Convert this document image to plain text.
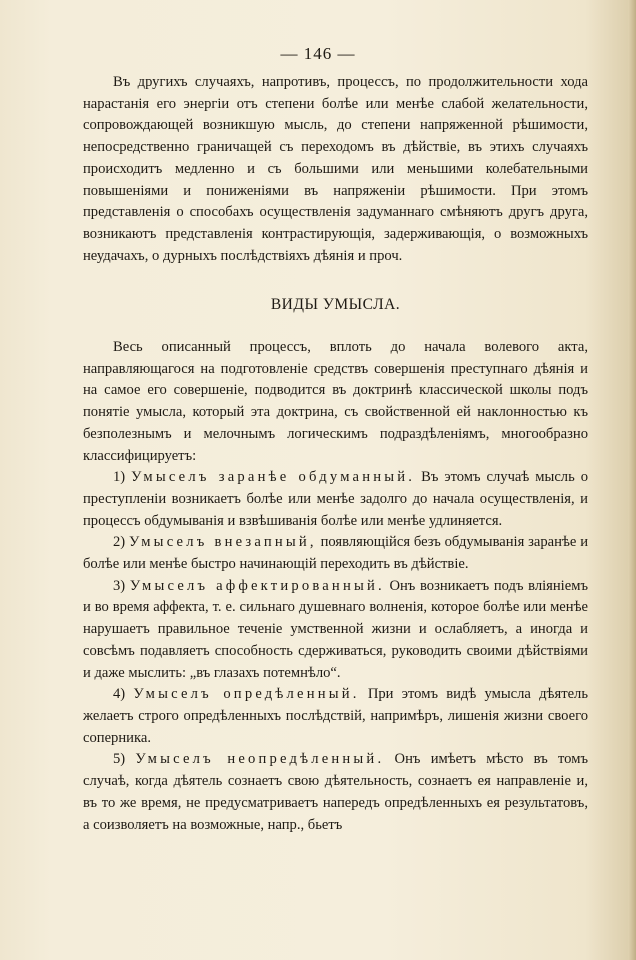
— 146 —

Въ другихъ случаяхъ, напротивъ, процессъ, по продолжительности хода нарастанія его энергіи отъ степени болѣе или менѣе слабой желательности, сопровождающей возникшую мысль, до степени напряженной рѣшимости, непосредственно граничащей съ переходомъ въ дѣйствіе, въ этихъ случаяхъ происходитъ медленно и съ большими или меньшими колебательными повышеніями и пониженіями въ напряженіи рѣшимости. При этомъ представленія о способахъ осуществленія задуманнаго смѣняютъ другъ друга, возникаютъ представленія контрастирующія, задерживающія, о возможныхъ неудачахъ, о дурныхъ послѣдствіяхъ дѣянія и проч.

ВИДЫ УМЫСЛА.

Весь описанный процессъ, вплоть до начала волевого акта, направляющагося на подготовленіе средствъ совершенія преступнаго дѣянія и на самое его совершеніе, подводится въ доктринѣ классической школы подъ понятіе умысла, который эта доктрина, съ свойственной ей наклонностью къ безполезнымъ и мелочнымъ логическимъ подраздѣленіямъ, многообразно классифицируетъ:

1) Умыселъ заранѣе обдуманный. Въ этомъ случаѣ мысль о преступленіи возникаетъ болѣе или менѣе задолго до начала осуществленія, и процессъ обдумыванія и взвѣшиванія болѣе или менѣе удлиняется.

2) Умыселъ внезапный, появляющійся безъ обдумыванія заранѣе и болѣе или менѣе быстро начинающій переходить въ дѣйствіе.

3) Умыселъ аффектированный. Онъ возникаетъ подъ вліяніемъ и во время аффекта, т. е. сильнаго душевнаго волненія, которое болѣе или менѣе нарушаетъ правильное теченіе умственной жизни и ослабляетъ, а иногда и совсѣмъ подавляетъ способность сдерживаться, руководить своими дѣйствіями и даже мыслить: „въ глазахъ потемнѣло“.

4) Умыселъ опредѣленный. При этомъ видѣ умысла дѣятель желаетъ строго опредѣленныхъ послѣдствій, напримѣръ, лишенія жизни своего соперника.

5) Умыселъ неопредѣленный. Онъ имѣетъ мѣсто въ томъ случаѣ, когда дѣятель сознаетъ свою дѣятельность, сознаетъ ея направленіе и, въ то же время, не предусматриваетъ напередъ опредѣленныхъ ея результатовъ, а соизволяетъ на возможные, напр., бьетъ
